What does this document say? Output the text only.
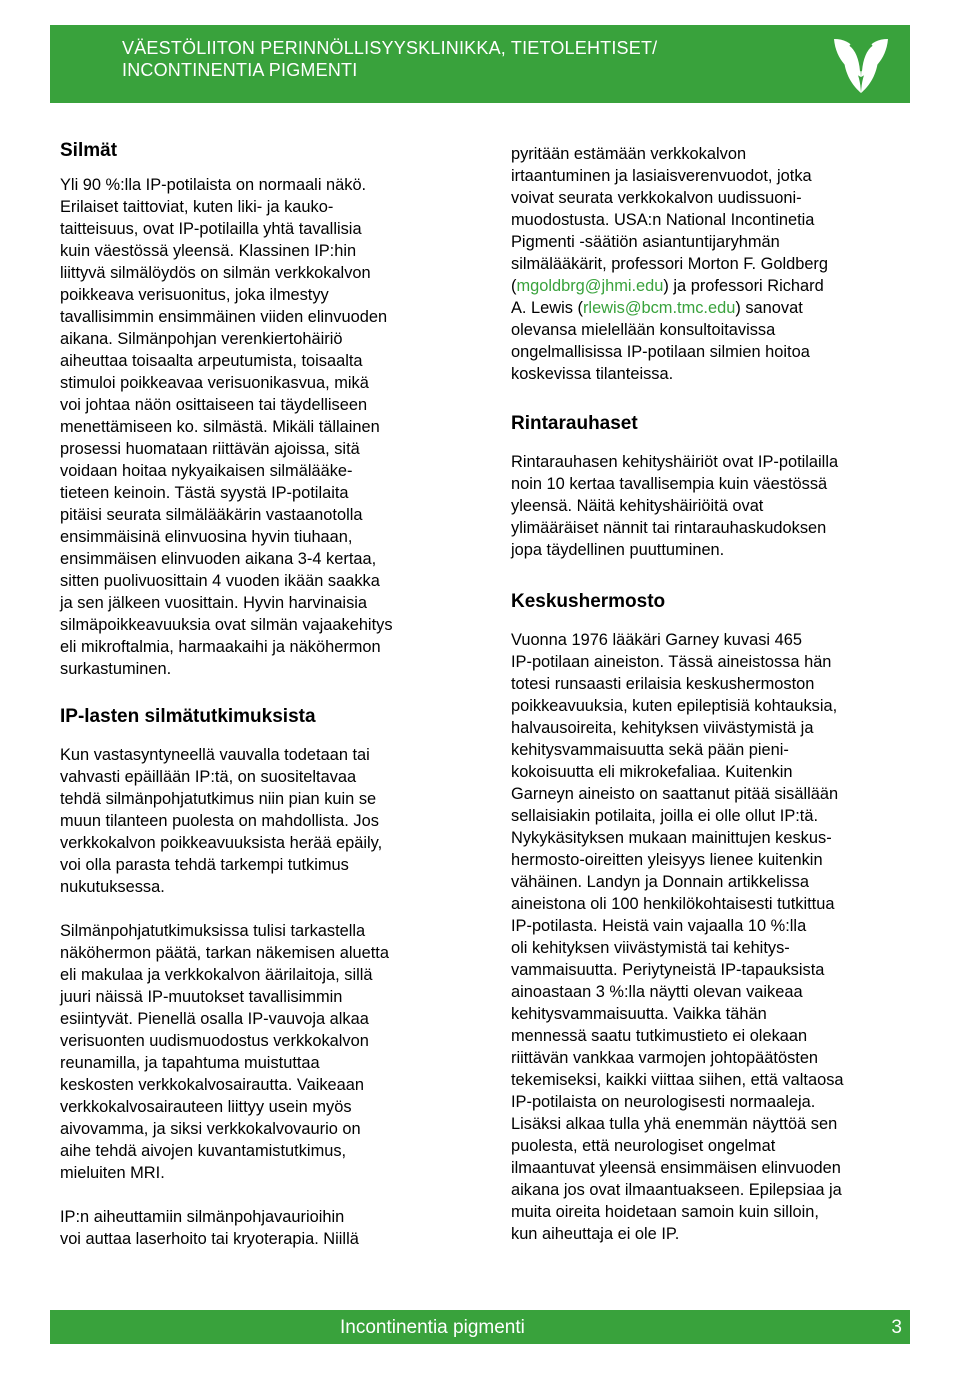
VÄESTÖLIITON PERINNÖLLISYYSKLINIKKA, TIETOLEHTISET/
INCONTINENTIA PIGMENTI

Silmät

Yli 90 %:lla IP-potilaista on normaali näkö.
Erilaiset taittoviat, kuten liki- ja kauko-
taitteisuus, ovat IP-potilailla yhtä tavallisia
kuin väestössä yleensä. Klassinen IP:hin
liittyvä silmälöydös on silmän verkkokalvon
poikkeava verisuonitus, joka ilmestyy
tavallisimmin ensimmäinen viiden elinvuoden
aikana. Silmänpohjan verenkiertohäiriö
aiheuttaa toisaalta arpeutumista, toisaalta
stimuloi poikkeavaa verisuonikasvua, mikä
voi johtaa näön osittaiseen tai täydelliseen
menettämiseen ko. silmästä. Mikäli tällainen
prosessi huomataan riittävän ajoissa, sitä
voidaan hoitaa nykyaikaisen silmälääke-
tieteen keinoin. Tästä syystä IP-potilaita
pitäisi seurata silmälääkärin vastaanotolla
ensimmäisinä elinvuosina hyvin tiuhaan,
ensimmäisen elinvuoden aikana 3-4 kertaa,
sitten puolivuosittain 4 vuoden ikään saakka
ja sen jälkeen vuosittain. Hyvin harvinaisia
silmäpoikkeavuuksia ovat silmän vajaakehitys
eli mikroftalmia, harmaakaihi ja näköhermon
surkastuminen.

IP-lasten silmätutkimuksista

Kun vastasyntyneellä vauvalla todetaan tai
vahvasti epäillään IP:tä, on suositeltavaa
tehdä silmänpohjatutkimus niin pian kuin se
muun tilanteen puolesta on mahdollista. Jos
verkkokalvon poikkeavuuksista herää epäily,
voi olla parasta tehdä tarkempi tutkimus
nukutuksessa.
Silmänpohjatutkimuksissa tulisi tarkastella
näköhermon päätä, tarkan näkemisen aluetta
eli makulaa ja verkkokalvon äärilaitoja, sillä
juuri näissä IP-muutokset tavallisimmin
esiintyvät. Pienellä osalla IP-vauvoja alkaa
verisuonten uudismuodostus verkkokalvon
reunamilla, ja tapahtuma muistuttaa
keskosten verkkokalvosairautta. Vaikeaan
verkkokalvosairauteen liittyy usein myös
aivovamma, ja siksi verkkokalvovaurio on
aihe tehdä aivojen kuvantamistutkimus,
mieluiten MRI.
IP:n aiheuttamiin silmänpohjavaurioihin
voi auttaa laserhoito tai kryoterapia. Niillä
pyritään estämään verkkokalvon
irtaantuminen ja lasiaisverenvuodot, jotka
voivat seurata verkkokalvon uudissuoni-
muodostusta. USA:n National Incontinetia
Pigmenti -säätiön asiantuntijaryhmän
silmälääkärit, professori Morton F. Goldberg
(mgoldbrg@jhmi.edu) ja professori Richard
A. Lewis (rlewis@bcm.tmc.edu) sanovat
olevansa mielellään konsultoitavissa
ongelmallisissa IP-potilaan silmien hoitoa
koskevissa tilanteissa.

Rintarauhaset

Rintarauhasen kehityshäiriöt ovat IP-potilailla
noin 10 kertaa tavallisempia kuin väestössä
yleensä. Näitä kehityshäiriöitä ovat
ylimääräiset nännit tai rintarauhaskudoksen
jopa täydellinen puuttuminen.

Keskushermosto

Vuonna 1976 lääkäri Garney kuvasi 465
IP-potilaan aineiston. Tässä aineistossa hän
totesi runsaasti erilaisia keskushermoston
poikkeavuuksia, kuten epileptisiä kohtauksia,
halvausoireita, kehityksen viivästymistä ja
kehitysvammaisuutta sekä pään pieni-
kokoisuutta eli mikrokefaliaa. Kuitenkin
Garneyn aineisto on saattanut pitää sisällään
sellaisiakin potilaita, joilla ei olle ollut IP:tä.
Nykykäsityksen mukaan mainittujen keskus-
hermosto-oireitten yleisyys lienee kuitenkin
vähäinen. Landyn ja Donnain artikkelissa
aineistona oli 100 henkilökohtaisesti tutkittua
IP-potilasta. Heistä vain vajaalla 10 %:lla
oli kehityksen viivästymistä tai kehitys-
vammaisuutta. Periytyneistä IP-tapauksista
ainoastaan 3 %:lla näytti olevan vaikeaa
kehitysvammaisuutta. Vaikka tähän
mennessä saatu tutkimustieto ei olekaan
riittävän vankkaa varmojen johtopäätösten
tekemiseksi, kaikki viittaa siihen, että valtaosa
IP-potilaista on neurologisesti normaaleja.
Lisäksi alkaa tulla yhä enemmän näyttöä sen
puolesta, että neurologiset ongelmat
ilmaantuvat yleensä ensimmäisen elinvuoden
aikana jos ovat ilmaantuakseen. Epilepsiaa ja
muita oireita hoidetaan samoin kuin silloin,
kun aiheuttaja ei ole IP.
Incontinentia pigmenti	3
